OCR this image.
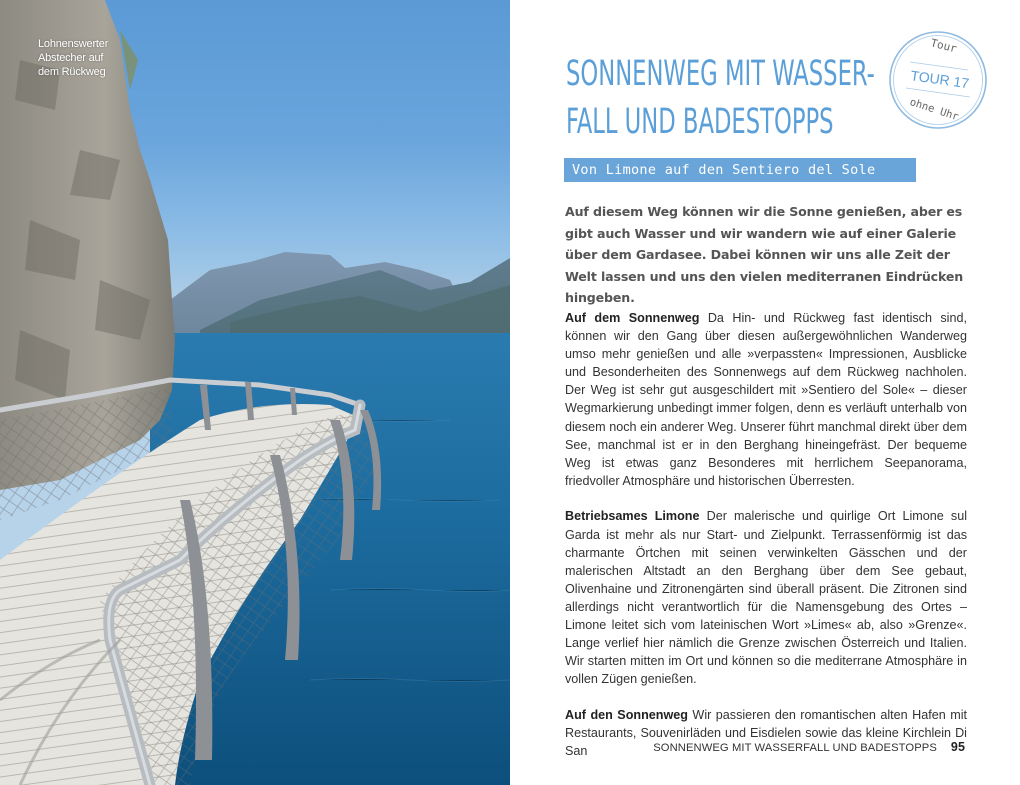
Lohnenswerter
Abstecher auf
dem Rückweg	SONNENWEG MIT WASSER-
FALL UND BADESTOPPS
Tour
TOUR 17
ohne Uhr
Von Limone auf den Sentiero del Sole

Auf diesem Weg können wir die Sonne genießen, aber es gibt auch Wasser und wir wandern wie auf einer Galerie über dem Gardasee. Dabei können wir uns alle Zeit der Welt lassen und uns den vielen mediterranen Eindrücken hingeben.

Auf dem Sonnenweg Da Hin- und Rückweg fast identisch sind, können wir den Gang über diesen außergewöhnlichen Wanderweg umso mehr genießen und alle »verpassten« Impressionen, Ausblicke und Besonderheiten des Sonnenwegs auf dem Rückweg nachholen. Der Weg ist sehr gut ausgeschildert mit »Sentiero del Sole« – dieser Wegmarkierung unbedingt immer folgen, denn es verläuft unterhalb von diesem noch ein anderer Weg. Unserer führt manchmal direkt über dem See, manchmal ist er in den Berghang hineingefräst. Der bequeme Weg ist etwas ganz Besonderes mit herrlichem Seepanorama, friedvoller Atmosphäre und historischen Überresten.

Betriebsames Limone Der malerische und quirlige Ort Limone sul Garda ist mehr als nur Start- und Zielpunkt. Terrassenförmig ist das charmante Örtchen mit seinen verwinkelten Gässchen und der malerischen Altstadt an den Berghang über dem See gebaut, Olivenhaine und Zitronengärten sind überall präsent. Die Zitronen sind allerdings nicht verantwortlich für die Namensgebung des Ortes – Limone leitet sich vom lateinischen Wort »Limes« ab, also »Grenze«. Lange verlief hier nämlich die Grenze zwischen Österreich und Italien. Wir starten mitten im Ort und können so die mediterrane Atmosphäre in vollen Zügen genießen.

Auf den Sonnenweg Wir passieren den romantischen alten Hafen mit Restaurants, Souvenirläden und Eisdielen sowie das kleine Kirchlein Di San	SONNENWEG MIT WASSERFALL UND BADESTOPPS 95
